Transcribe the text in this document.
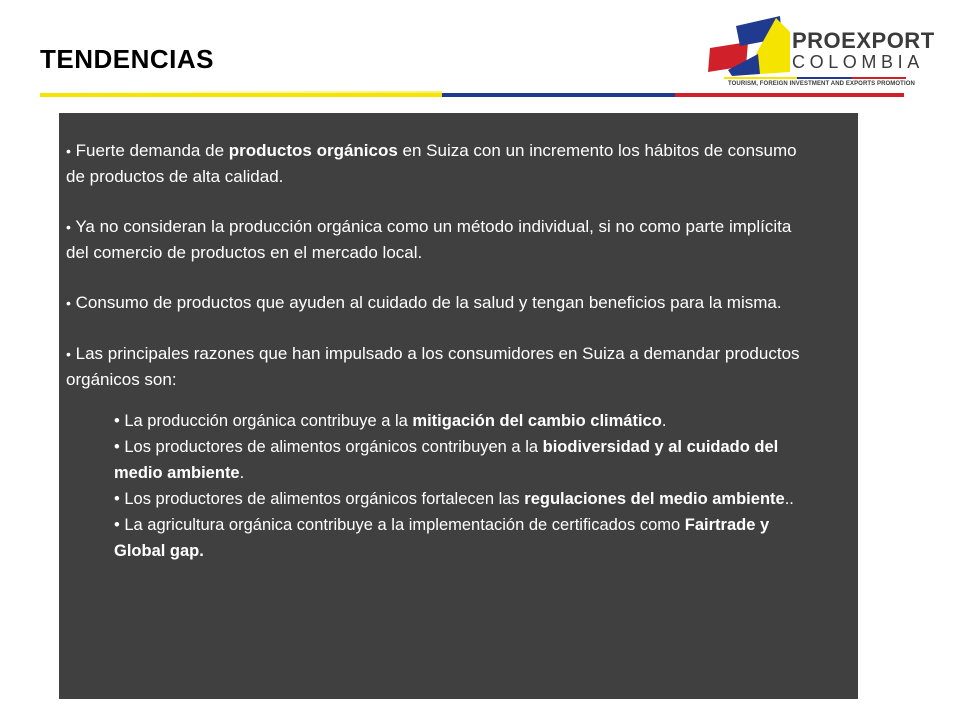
TENDENCIAS
PROEXPORT
COLOMBIA
TOURISM, FOREIGN INVESTMENT AND EXPORTS PROMOTION

• Fuerte demanda de productos orgánicos en Suiza con un incremento los hábitos de consumo de productos de alta calidad.

• Ya no consideran la producción orgánica como un método individual, si no como parte implícita del comercio de productos en el mercado local.

• Consumo de productos que ayuden al cuidado de la salud y tengan beneficios para la misma.

• Las principales razones que han impulsado a los consumidores en Suiza a demandar productos orgánicos son:

• La producción orgánica contribuye a la mitigación del cambio climático.

• Los productores de alimentos orgánicos contribuyen a la biodiversidad y al cuidado del medio ambiente.

• Los productores de alimentos orgánicos fortalecen las regulaciones del medio ambiente..

• La agricultura orgánica contribuye a la implementación de certificados como Fairtrade y Global gap.
